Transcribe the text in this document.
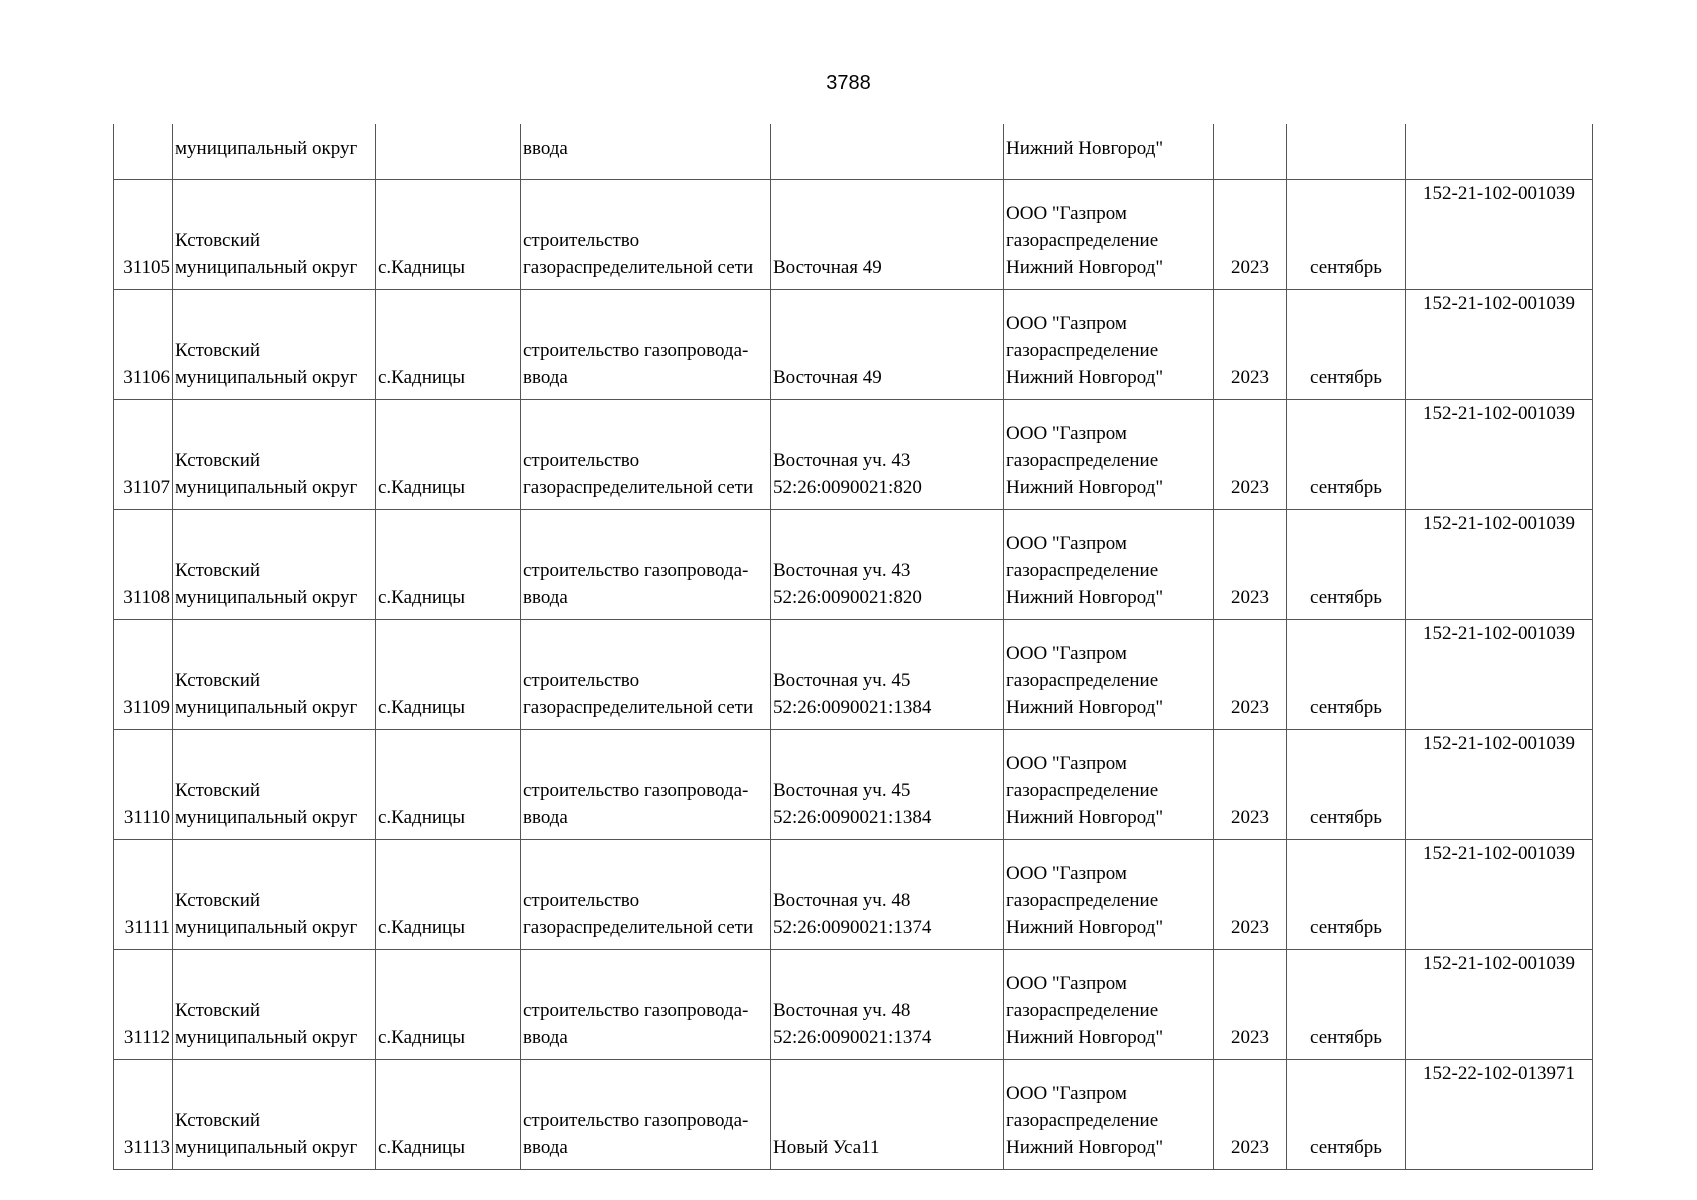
3788
	муниципальный округ		ввода		Нижний Новгород"			
31105	Кстовский
муниципальный округ	с.Кадницы	строительство
газораспределительной сети	Восточная 49	ООО "Газпром
газораспределение
Нижний Новгород"	2023	сентябрь	152-21-102-001039
31106	Кстовский
муниципальный округ	с.Кадницы	строительство газопровода-
ввода	Восточная 49	ООО "Газпром
газораспределение
Нижний Новгород"	2023	сентябрь	152-21-102-001039
31107	Кстовский
муниципальный округ	с.Кадницы	строительство
газораспределительной сети	Восточная уч. 43
52:26:0090021:820	ООО "Газпром
газораспределение
Нижний Новгород"	2023	сентябрь	152-21-102-001039
31108	Кстовский
муниципальный округ	с.Кадницы	строительство газопровода-
ввода	Восточная уч. 43
52:26:0090021:820	ООО "Газпром
газораспределение
Нижний Новгород"	2023	сентябрь	152-21-102-001039
31109	Кстовский
муниципальный округ	с.Кадницы	строительство
газораспределительной сети	Восточная уч. 45
52:26:0090021:1384	ООО "Газпром
газораспределение
Нижний Новгород"	2023	сентябрь	152-21-102-001039
31110	Кстовский
муниципальный округ	с.Кадницы	строительство газопровода-
ввода	Восточная уч. 45
52:26:0090021:1384	ООО "Газпром
газораспределение
Нижний Новгород"	2023	сентябрь	152-21-102-001039
31111	Кстовский
муниципальный округ	с.Кадницы	строительство
газораспределительной сети	Восточная уч. 48
52:26:0090021:1374	ООО "Газпром
газораспределение
Нижний Новгород"	2023	сентябрь	152-21-102-001039
31112	Кстовский
муниципальный округ	с.Кадницы	строительство газопровода-
ввода	Восточная уч. 48
52:26:0090021:1374	ООО "Газпром
газораспределение
Нижний Новгород"	2023	сентябрь	152-21-102-001039
31113	Кстовский
муниципальный округ	с.Кадницы	строительство газопровода-
ввода	Новый Уса11	ООО "Газпром
газораспределение
Нижний Новгород"	2023	сентябрь	152-22-102-013971
